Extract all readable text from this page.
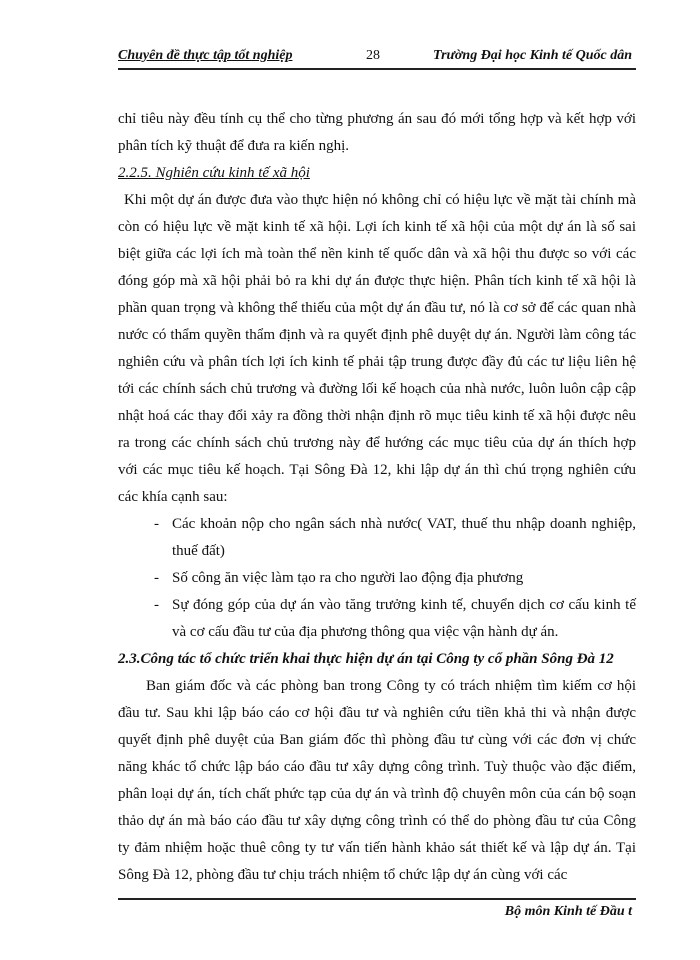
Chuyên đề thực tập tốt nghiệp	28	Trường Đại học Kinh tế Quốc dân

chỉ tiêu này đều tính cụ thể cho từng phương án sau đó mới tổng hợp và kết hợp với phân tích kỹ thuật để đưa ra kiến nghị.

2.2.5. Nghiên cứu kinh tế xã hội

Khi một dự án được đưa vào thực hiện nó không chỉ có hiệu lực về mặt tài chính mà còn có hiệu lực về mặt kinh tế xã hội. Lợi ích kinh tế xã hội của một dự án là số sai biệt giữa các lợi ích mà toàn thể nền kinh tế quốc dân và xã hội thu được so với các đóng góp mà xã hội phải bỏ ra khi dự án được thực hiện. Phân tích kinh tế xã hội là phần quan trọng và không thể thiếu của một dự án đầu tư, nó là cơ sở để các quan nhà nước có thẩm quyền thẩm định và ra quyết định phê duyệt dự án. Người làm công tác nghiên cứu và phân tích lợi ích kinh tế phải tập trung được đầy đủ các tư liệu liên hệ tới các chính sách chủ trương và đường lối kế hoạch của nhà nước, luôn luôn cập cập nhật hoá các thay đổi xảy ra đồng thời nhận định rõ mục tiêu kinh tế xã hội được nêu ra trong các chính sách chủ trương này để hướng các mục tiêu của dự án thích hợp với các mục tiêu kế hoạch. Tại Sông Đà 12, khi lập dự án thì chú trọng nghiên cứu các khía cạnh sau:

- Các khoản nộp cho ngân sách nhà nước( VAT, thuế thu nhập doanh nghiệp, thuế đất)
- Số công ăn việc làm tạo ra cho người lao động địa phương
- Sự đóng góp của dự án vào tăng trưởng kinh tế, chuyển dịch cơ cấu kinh tế và cơ cấu đầu tư của địa phương thông qua việc vận hành dự án.

2.3.Công tác tổ chức triển khai thực hiện dự án tại Công ty cổ phần Sông Đà 12

Ban giám đốc và các phòng ban trong Công ty có trách nhiệm tìm kiếm cơ hội đầu tư. Sau khi lập báo cáo cơ hội đầu tư và nghiên cứu tiền khả thi và nhận được quyết định phê duyệt của Ban giám đốc thì phòng đầu tư cùng với các đơn vị chức năng khác tổ chức lập báo cáo đầu tư xây dựng công trình. Tuỳ thuộc vào đặc điểm, phân loại dự án, tích chất phức tạp của dự án và trình độ chuyên môn của cán bộ soạn thảo dự án mà báo cáo đầu tư xây dựng công trình có thể do phòng đầu tư của Công ty đảm nhiệm hoặc thuê công ty tư vấn tiến hành khảo sát thiết kế và lập dự án. Tại Sông Đà 12, phòng đầu tư chịu trách nhiệm tổ chức lập dự án cùng với các

Bộ môn Kinh tế Đầu t
